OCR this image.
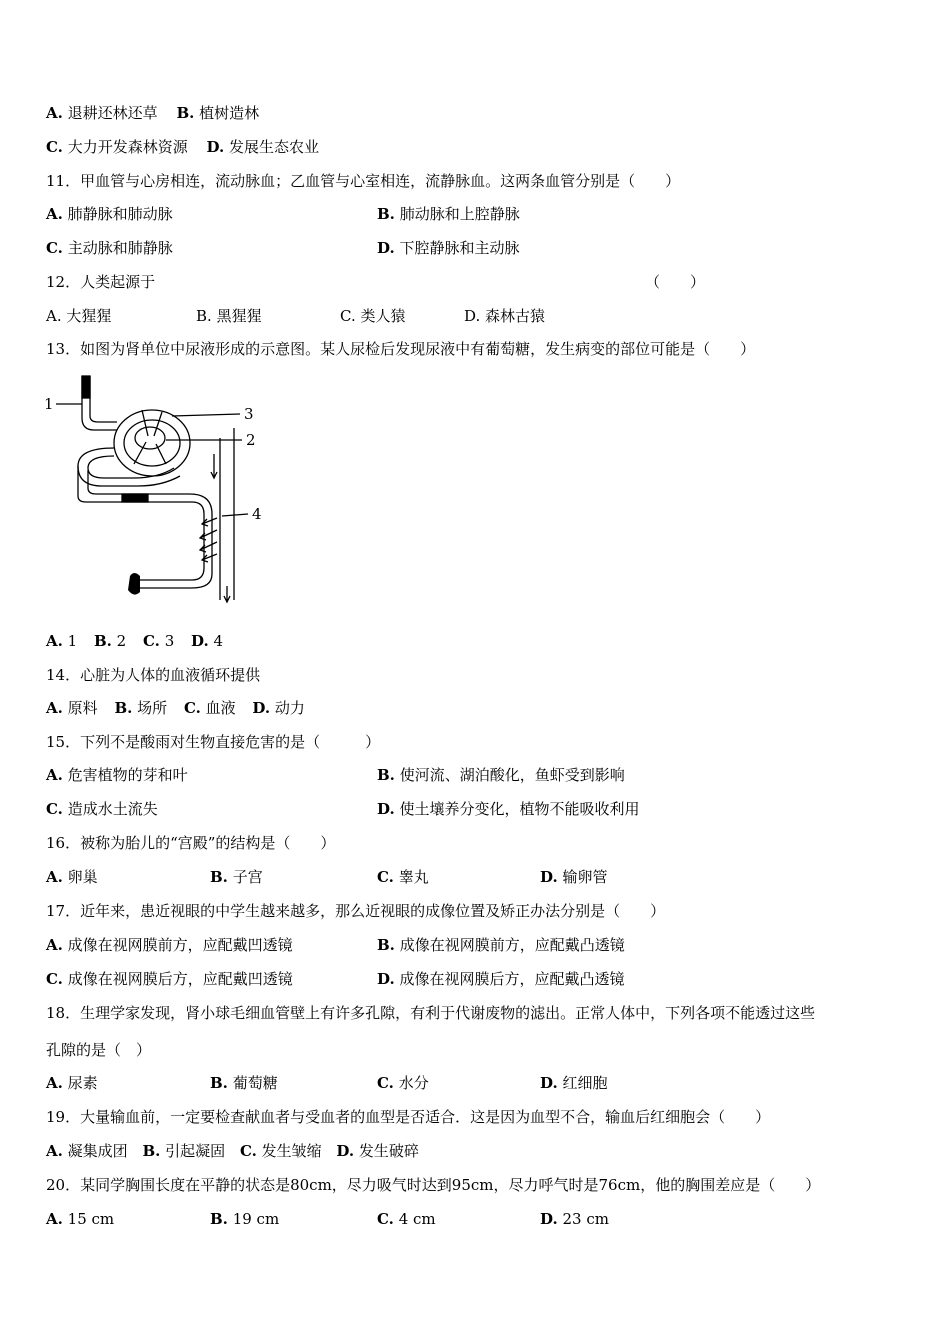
A. 退耕还林还草 B. 植树造林
C. 大力开发森林资源 D. 发展生态农业
11．甲血管与心房相连，流动脉血；乙血管与心室相连，流静脉血。这两条血管分别是（　　）
A. 肺静脉和肺动脉	B. 肺动脉和上腔静脉
C. 主动脉和肺静脉	D. 下腔静脉和主动脉
12．人类起源于	（　　）
A. 大猩猩	B. 黑猩猩	C. 类人猿	D. 森林古猿
13．如图为肾单位中尿液形成的示意图。某人尿检后发现尿液中有葡萄糖，发生病变的部位可能是（　　）
1
2
3
4
A. 1 B. 2 C. 3 D. 4
14．心脏为人体的血液循环提供
A. 原料 B. 场所 C. 血液 D. 动力
15．下列不是酸雨对生物直接危害的是（　　　）
A. 危害植物的芽和叶	B. 使河流、湖泊酸化，鱼虾受到影响
C. 造成水土流失	D. 使土壤养分变化，植物不能吸收利用
16．被称为胎儿的“宫殿”的结构是（　　）
A. 卵巢	B. 子宫	C. 睾丸	D. 输卵管
17．近年来，患近视眼的中学生越来越多，那么近视眼的成像位置及矫正办法分别是（　　）
A. 成像在视网膜前方，应配戴凹透镜	B. 成像在视网膜前方，应配戴凸透镜
C. 成像在视网膜后方，应配戴凹透镜	D. 成像在视网膜后方，应配戴凸透镜
18．生理学家发现，肾小球毛细血管壁上有许多孔隙，有利于代谢废物的滤出。正常人体中，下列各项不能透过这些
孔隙的是（　）
A. 尿素	B. 葡萄糖	C. 水分	D. 红细胞
19．大量输血前，一定要检查献血者与受血者的血型是否适合．这是因为血型不合，输血后红细胞会（　　）
A. 凝集成团 B. 引起凝固 C. 发生皱缩 D. 发生破碎
20．某同学胸围长度在平静的状态是80cm，尽力吸气时达到95cm，尽力呼气时是76cm，他的胸围差应是（　　）
A. 15 cm	B. 19 cm	C. 4 cm	D. 23 cm
